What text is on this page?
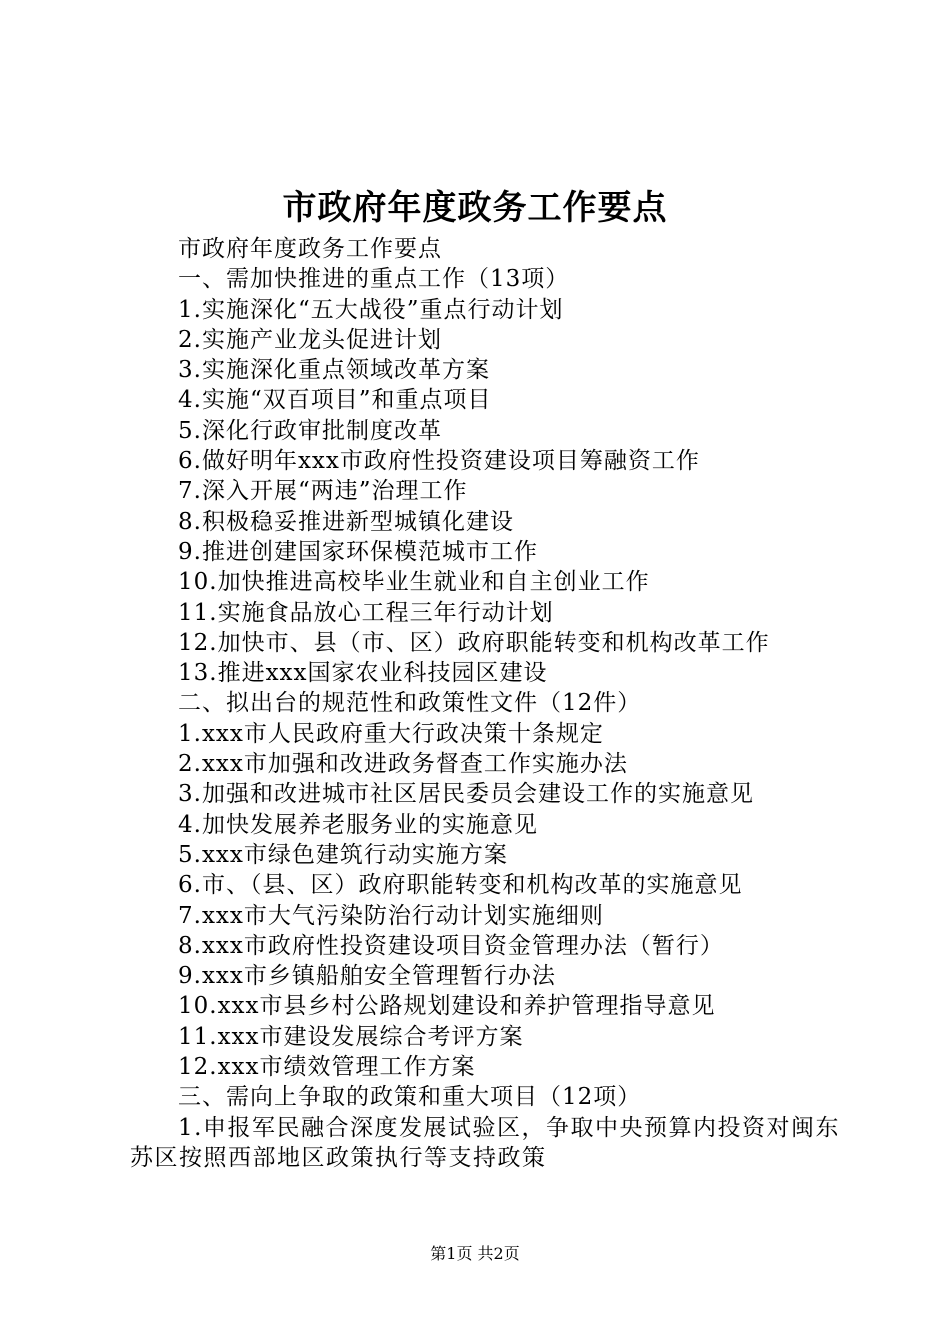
市政府年度政务工作要点
市政府年度政务工作要点
一、需加快推进的重点工作（13项）
1.实施深化“五大战役”重点行动计划
2.实施产业龙头促进计划
3.实施深化重点领域改革方案
4.实施“双百项目”和重点项目
5.深化行政审批制度改革
6.做好明年xxx市政府性投资建设项目筹融资工作
7.深入开展“两违”治理工作
8.积极稳妥推进新型城镇化建设
9.推进创建国家环保模范城市工作
10.加快推进高校毕业生就业和自主创业工作
11.实施食品放心工程三年行动计划
12.加快市、县（市、区）政府职能转变和机构改革工作
13.推进xxx国家农业科技园区建设
二、拟出台的规范性和政策性文件（12件）
1.xxx市人民政府重大行政决策十条规定
2.xxx市加强和改进政务督查工作实施办法
3.加强和改进城市社区居民委员会建设工作的实施意见
4.加快发展养老服务业的实施意见
5.xxx市绿色建筑行动实施方案
6.市、（县、区）政府职能转变和机构改革的实施意见
7.xxx市大气污染防治行动计划实施细则
8.xxx市政府性投资建设项目资金管理办法（暂行）
9.xxx市乡镇船舶安全管理暂行办法
10.xxx市县乡村公路规划建设和养护管理指导意见
11.xxx市建设发展综合考评方案
12.xxx市绩效管理工作方案
三、需向上争取的政策和重大项目（12项）
1.申报军民融合深度发展试验区，争取中央预算内投资对闽东苏区按照西部地区政策执行等支持政策
第1页 共2页
